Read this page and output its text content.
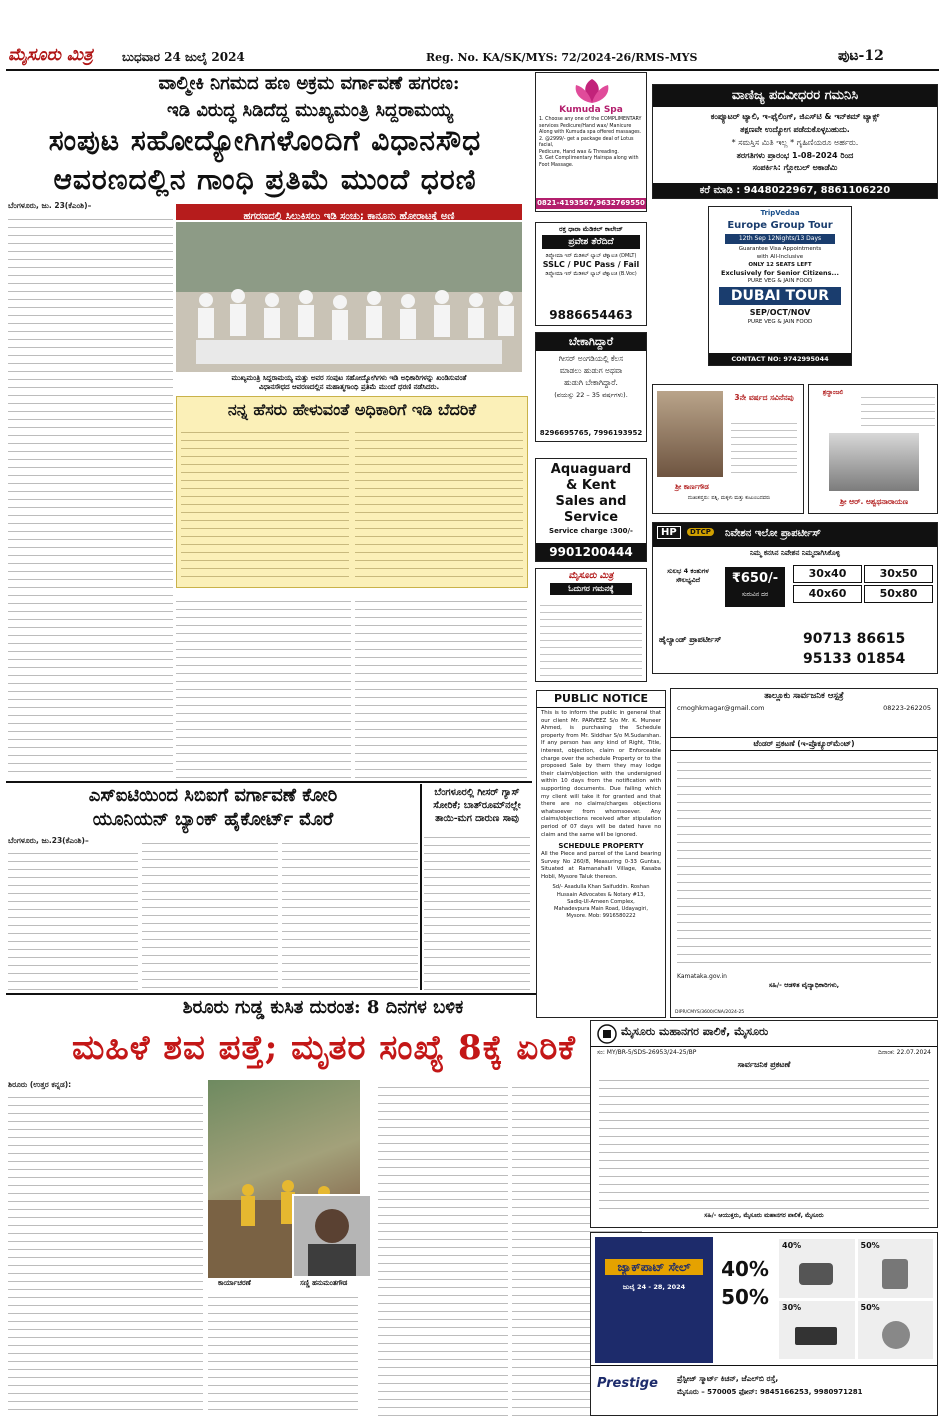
ಮೈಸೂರು ಮಿತ್ರ ಬುಧವಾರ 24 ಜುಲೈ 2024	Reg. No. KA/SK/MYS: 72/2024-26/RMS-MYS	ಪುಟ-12
ವಾಲ್ಮೀಕಿ ನಿಗಮದ ಹಣ ಅಕ್ರಮ ವರ್ಗಾವಣೆ ಹಗರಣ:
ಇಡಿ ವಿರುದ್ಧ ಸಿಡಿದೆದ್ದ ಮುಖ್ಯಮಂತ್ರಿ ಸಿದ್ದರಾಮಯ್ಯ
ಸಂಪುಟ ಸಹೋದ್ಯೋಗಿಗಳೊಂದಿಗೆ ವಿಧಾನಸೌಧ
ಆವರಣದಲ್ಲಿನ ಗಾಂಧಿ ಪ್ರತಿಮೆ ಮುಂದೆ ಧರಣಿ
ಬೆಂಗಳೂರು, ಜು. 23(ಕೆಎಂಶಿ)–
ಹಗರಣದಲ್ಲಿ ಸಿಲುಕಿಸಲು ಇಡಿ ಸಂಚು; ಕಾನೂನು ಹೋರಾಟಕ್ಕೆ ಅಣಿ
ಮುಖ್ಯಮಂತ್ರಿ ಸಿದ್ದರಾಮಯ್ಯ ಮತ್ತು ಅವರ ಸಂಪುಟ ಸಹೋದ್ಯೋಗಿಗಳು ಇಡಿ ಅಧಿಕಾರಿಗಳನ್ನು ಖಂಡಿಸುವಂತೆ
ವಿಧಾನಸೌಧದ ಆವರಣದಲ್ಲಿನ ಮಹಾತ್ಮಗಾಂಧಿ ಪ್ರತಿಮೆ ಮುಂದೆ ಧರಣಿ ನಡೆಸಿದರು.
ನನ್ನ ಹೆಸರು ಹೇಳುವಂತೆ ಅಧಿಕಾರಿಗೆ ಇಡಿ ಬೆದರಿಕೆ
ಎಸ್‌ಐಟಿಯಿಂದ ಸಿಬಿಐಗೆ ವರ್ಗಾವಣೆ ಕೋರಿ
ಯೂನಿಯನ್ ಬ್ಯಾಂಕ್ ಹೈಕೋರ್ಟ್ ಮೊರೆ
ಬೆಂಗಳೂರು, ಜು.23(ಕೆಎಂಶಿ)–
ಬೆಂಗಳೂರಲ್ಲಿ ಗೀಸರ್ ಗ್ಯಾಸ್
ಸೋರಿಕೆ; ಬಾತ್‌ರೂಮ್‌ನಲ್ಲೇ
ತಾಯಿ-ಮಗ ದಾರುಣ ಸಾವು
ಶಿರೂರು ಗುಡ್ಡ ಕುಸಿತ ದುರಂತ: 8 ದಿನಗಳ ಬಳಿಕ
ಮಹಿಳೆ ಶವ ಪತ್ತೆ; ಮೃತರ ಸಂಖ್ಯೆ 8ಕ್ಕೆ ಏರಿಕೆ
ಶಿರೂರು (ಉತ್ತರ ಕನ್ನಡ):
ಕಾರ್ಯಾಚರಣೆ	ಸಣ್ಣಿ ಹನುಮಂತಗೌಡ
Kumuda Spa
1. Choose any one of the COMPLIMENTARY
services Pedicure/Hand wax/ Manicure
Along with Kumuda spa offered massages.
2. @2999/- get a package deal of Lotus facial,
Pedicure, Hand wax & Threading.
3. Get Complimentary Hairspa along with
Foot Massage.
0821-4193567,9632769550
ವಾಣಿಜ್ಯ ಪದವೀಧರರ ಗಮನಿಸಿ
ಕಂಪ್ಯೂಟರ್ ಟ್ಯಾಲಿ, ಇ-ಫೈಲಿಂಗ್, ಜಿಎಸ್‌ಟಿ & ಇನ್‌ಕಮ್ ಟ್ಯಾಕ್ಸ್
ತಕ್ಷಣವೇ ಉದ್ಯೋಗ ಪಡೆದುಕೊಳ್ಳಬಹುದು.
* ಸಮಸ್ತಿಸ ಮಿತಿ ಇಲ್ಲ * ಗೃಹಿಣಿಯರೂ ಅರ್ಹರು.
ತರಗತಿಗಳು ಪ್ರಾರಂಭ 1-08-2024 ರಿಂದ
ಸಂಪರ್ಕಿಸಿ: ಗ್ಲೋಬಲ್ ಅಕಾಡೆಮಿ
ಕರೆ ಮಾಡಿ : 9448022967, 8861106220
ರಕ್ತ ಧಾರಾ ಮೆಡಿಕಲ್ ಕಾಲೇಜ್
ಪ್ರವೇಶ ತೆರೆದಿದೆ
ಡಿಪ್ಲೋಮಾ ಇನ್ ಮೆಡಿಕಲ್ ಲ್ಯಾಬ್ ಟೆಕ್ನಾಲಜಿ (DMLT)
SSLC / PUC Pass / Fail
ಡಿಪ್ಲೋಮಾ ಇನ್ ಮೆಡಿಕಲ್ ಲ್ಯಾಬ್ ಟೆಕ್ನಾಲಜಿ (B.Voc)
9886654463
TripVedaa
Europe Group Tour
12th Sep 12Nights/13 Days
Guarantee Visa Appointments
with All-Inclusive
ONLY 12 SEATS LEFT
Exclusively for Senior Citizens...
PURE VEG & JAIN FOOD
DUBAI TOUR
SEP/OCT/NOV
PURE VEG & JAIN FOOD
CONTACT NO: 9742995044
ಬೇಕಾಗಿದ್ದಾರೆ
ಗೀಸರ್ ಅಂಗಡಿಯಲ್ಲಿ ಕೆಲಸ
ಮಾಡಲು ಹುಡುಗ ಅಥವಾ
ಹುಡುಗಿ ಬೇಕಾಗಿದ್ದಾರೆ.
(ವಯಸ್ಸು 22 – 35 ವರ್ಷಗಳು).
8296695765, 7996193952
Aquaguard
& Kent
Sales and
Service
Service charge :300/-
9901200444
3ನೇ ವರ್ಷದ ಸವಿನೆನಪು
ಶ್ರೀ ಕಾರ್ಣಗೌಡ
ದುಃಖತಪ್ತರು: ಪತ್ನಿ, ಮಕ್ಕಳು ಮತ್ತು ಕುಟುಂಬದವರು
ಶ್ರದ್ಧಾಂಜಲಿ
ಶ್ರೀ ಆರ್. ಅಶ್ವಥನಾರಾಯಣ
HP	DTCP	ನಿವೇಶನ ಇಲೋ ಪ್ರಾಪರ್ಟೀಸ್
ನಿಮ್ಮ ಕನಸಿನ ನಿವೇಶನ ನಿಮ್ಮದಾಗಿಸಿಕೊಳ್ಳಿ
ಸುಲಭ 4 ಕಂತುಗಳ ಸೌಲಭ್ಯವಿದೆ	₹650/-
ಸುರುವಿನ ದರ
30x40	30x50
40x60	50x80
ಹೈಲ್ಯಾಂಡ್ ಪ್ರಾಪರ್ಟೀಸ್	90713 86615
95133 01854
ಮೈಸೂರು ಮಿತ್ರ
ಓದುಗರ ಗಮನಕ್ಕೆ
PUBLIC NOTICE
This is to inform the public in general that our client Mr. PARVEEZ S/o Mr. K. Muneer Ahmed, is purchasing the Schedule property from Mr. Siddhar S/o M.Sudarshan. If any person has any kind of Right, Title, interest, objection, claim or Enforceable charge over the schedule Property or to the proposed Sale by them they may lodge their claim/objection with the undersigned within 10 days from the notification with supporting documents. Due failing which my client will take it for granted and that there are no claims/charges objections whatsoever from whomsoever. Any claims/objections received after stipulation period of 07 days will be dated have no claim and the same will be ignored.
SCHEDULE PROPERTY
All the Piece and parcel of the Land bearing Survey No 260/8, Measuring 0-33 Guntas, Situated at Ramanahalli Village, Kasaba Hobli, Mysore Taluk thereon.
Sd/- Asadulla Khan Saifuddin. Roshan
Hussain Advocates & Notary #13,
Sadiq-Ul-Ameen Complex,
Mahadevpura Main Road, Udayagiri,
Mysore. Mob: 9916580222
ತಾಲ್ಲೂಕು ಸಾರ್ವಜನಿಕ ಆಸ್ಪತ್ರೆ
08223-262205
cmoghkmagar@gmail.com
ಟೆಂಡರ್ ಪ್ರಕಟಣೆ (ಇ-ಪ್ರೊಕ್ಯೂರ್‌ಮೆಂಟ್)
Kamataka.gov.in
ಸಹಿ/- ಆಡಳಿತ ವೈದ್ಯಾಧಿಕಾರಿಗಳು,
DIPR/CMYS/3600/CNA/2024-25
ಮೈಸೂರು ಮಹಾನಗರ ಪಾಲಿಕೆ, ಮೈಸೂರು
ದಿನಾಂಕ: 22.07.2024
ಸಂ: MY/BR-5/SDS-26953/24-25/BP
ಸಾರ್ವಜನಿಕ ಪ್ರಕಟಣೆ
ಸಹಿ/- ಆಯುಕ್ತರು, ಮೈಸೂರು ಮಹಾನಗರ ಪಾಲಿಕೆ, ಮೈಸೂರು
ಜ್ಯಾಕ್‌ಪಾಟ್ ಸೇಲ್
ಜುಲೈ 24 - 28, 2024
40%
50%
40%	50%
30%	50%
Prestige	ಪ್ರೆಸ್ಟೀಜ್ ಸ್ಮಾರ್ಟ್ ಕಿಚನ್, ಜೆಎಲ್‌ಬಿ ರಸ್ತೆ,
ಮೈಸೂರು – 570005 ಫೋನ್: 9845166253, 9980971281
